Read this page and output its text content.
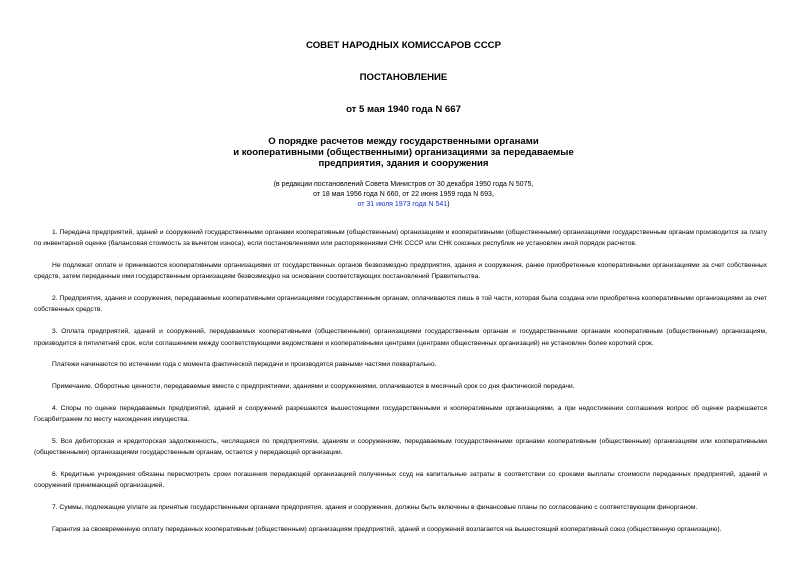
СОВЕТ НАРОДНЫХ КОМИССАРОВ СССР
ПОСТАНОВЛЕНИЕ
от 5 мая 1940 года N 667
О порядке расчетов между государственными органами
и кооперативными (общественными) организациями за передаваемые
предприятия, здания и сооружения
(в редакции постановлений Совета Министров от 30 декабря 1950 года N 5075,
от 18 мая 1956 года N 660, от 22 июня 1959 года N 693,
от 31 июля 1973 года N 541)

1. Передача предприятий, зданий и сооружений государственными органами кооперативным (общественным) организациям и кооперативными (общественными) организациями государственным органам производится за плату по инвентарной оценке (балансовая стоимость за вычетом износа), если постановлениями или распоряжениями СНК СССР или СНК союзных республик не установлен иной порядок расчетов.

Не подлежат оплате и принимаются кооперативными организациями от государственных органов безвозмездно предприятия, здания и сооружения, ранее приобретенные кооперативными организациями за счет собственных средств, затем переданные ими государственным организациям безвозмездно на основании соответствующих постановлений Правительства.

2. Предприятия, здания и сооружения, передаваемые кооперативными организациями государственным органам, оплачиваются лишь в той части, которая была создана или приобретена кооперативными организациями за счет собственных средств.

3. Оплата предприятий, зданий и сооружений, передаваемых кооперативными (общественными) организациями государственным органам и государственными органами кооперативным (общественным) организациям, производится в пятилетний срок, если соглашением между соответствующими ведомствами и кооперативными центрами (центрами общественных организаций) не установлен более короткий срок.

Платежи начинаются по истечении года с момента фактической передачи и производятся равными частями поквартально.

Примечание. Оборотные ценности, передаваемые вместе с предприятиями, зданиями и сооружениями, оплачиваются в месячный срок со дня фактической передачи.

4. Споры по оценке передаваемых предприятий, зданий и сооружений разрешаются вышестоящими государственными и кооперативными организациями, а при недостижении соглашения вопрос об оценке разрешается Госарбитражем по месту нахождения имущества.

5. Вся дебиторская и кредиторская задолженность, числящаяся по предприятиям, зданиям и сооружениям, передаваемым государственными органами кооперативным (общественным) организациям или кооперативными (общественными) организациями государственным органам, остается у передающей организации.

6. Кредитные учреждения обязаны пересмотреть сроки погашения передающей организацией полученных ссуд на капитальные затраты в соответствии со сроками выплаты стоимости переданных предприятий, зданий и сооружений принимающей организацией.

7. Суммы, подлежащие уплате за принятые государственными органами предприятия, здания и сооружения, должны быть включены в финансовые планы по согласованию с соответствующим финорганом.

Гарантия за своевременную оплату переданных кооперативным (общественным) организациям предприятий, зданий и сооружений возлагается на вышестоящий кооперативный союз (общественную организацию).
